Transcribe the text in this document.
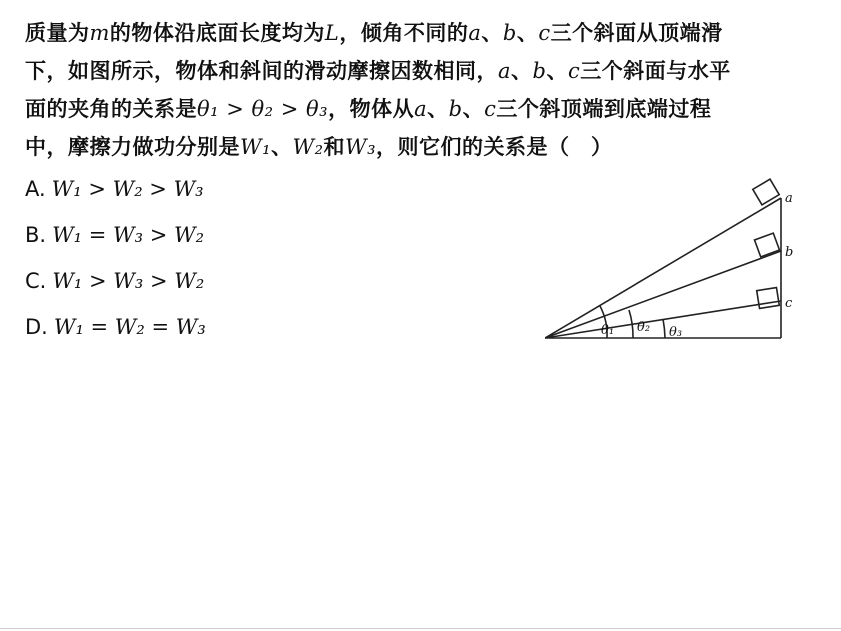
质量为m的物体沿底面长度均为L，倾角不同的a、b、c三个斜面从顶端滑
下，如图所示，物体和斜间的滑动摩擦因数相同，a、b、c三个斜面与水平
面的夹角的关系是θ₁ > θ₂ > θ₃，物体从a、b、c三个斜顶端到底端过程
中，摩擦力做功分别是W₁、W₂和W₃，则它们的关系是（　）

A. W₁ > W₂ > W₃
B. W₁ = W₃ > W₂
C. W₁ > W₃ > W₂
D. W₁ = W₂ = W₃
a
b
c
θ₁ θ₂ θ₃
